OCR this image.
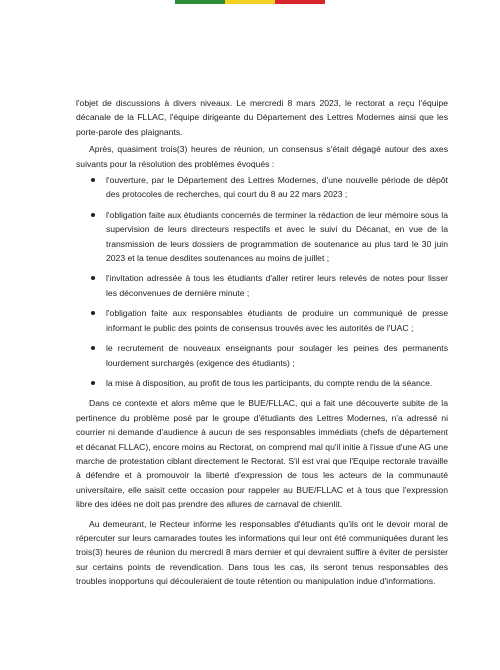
l'objet de discussions à divers niveaux. Le mercredi 8 mars 2023, le rectorat a reçu l'équipe décanale de la FLLAC, l'équipe dirigeante du Département des Lettres Modernes ainsi que les porte-parole des plaignants.

Après, quasiment trois(3) heures de réunion, un consensus s'était dégagé autour des axes suivants pour la résolution des problèmes évoqués :

l'ouverture, par le Département des Lettres Modernes, d'une nouvelle période de dépôt des protocoles de recherches, qui court du 8 au 22 mars 2023 ;
l'obligation faite aux étudiants concernés de terminer la rédaction de leur mémoire sous la supervision de leurs directeurs respectifs et avec le suivi du Décanat, en vue de la transmission de leurs dossiers de programmation de soutenance au plus tard le 30 juin 2023 et la tenue desdites soutenances au moins de juillet ;
l'invitation adressée à tous les étudiants d'aller retirer leurs relevés de notes pour lisser les déconvenues de dernière minute ;
l'obligation faite aux responsables étudiants de produire un communiqué de presse informant le public des points de consensus trouvés avec les autorités de l'UAC ;
le recrutement de nouveaux enseignants pour soulager les peines des permanents lourdement surchargés (exigence des étudiants) ;
la mise à disposition, au profit de tous les participants, du compte rendu de la séance.

Dans ce contexte et alors même que le BUE/FLLAC, qui a fait une découverte subite de la pertinence du problème posé par le groupe d'étudiants des Lettres Modernes, n'a adressé ni courrier ni demande d'audience à aucun de ses responsables immédiats (chefs de département et décanat FLLAC), encore moins au Rectorat, on comprend mal qu'il initie à l'issue d'une AG une marche de protestation ciblant directement le Rectorat. S'il est vrai que l'Equipe rectorale travaille à défendre et à promouvoir la liberté d'expression de tous les acteurs de la communauté universitaire, elle saisit cette occasion pour rappeler au BUE/FLLAC et à tous que l'expression libre des idées ne doit pas prendre des allures de carnaval de chienlit.

Au demeurant, le Recteur informe les responsables d'étudiants qu'ils ont le devoir moral de répercuter sur leurs camarades toutes les informations qui leur ont été communiquées durant les trois(3) heures de réunion du mercredi 8 mars dernier et qui devraient suffire à éviter de persister sur certains points de revendication. Dans tous les cas, ils seront tenus responsables des troubles inopportuns qui découleraient de toute rétention ou manipulation indue d'informations.
